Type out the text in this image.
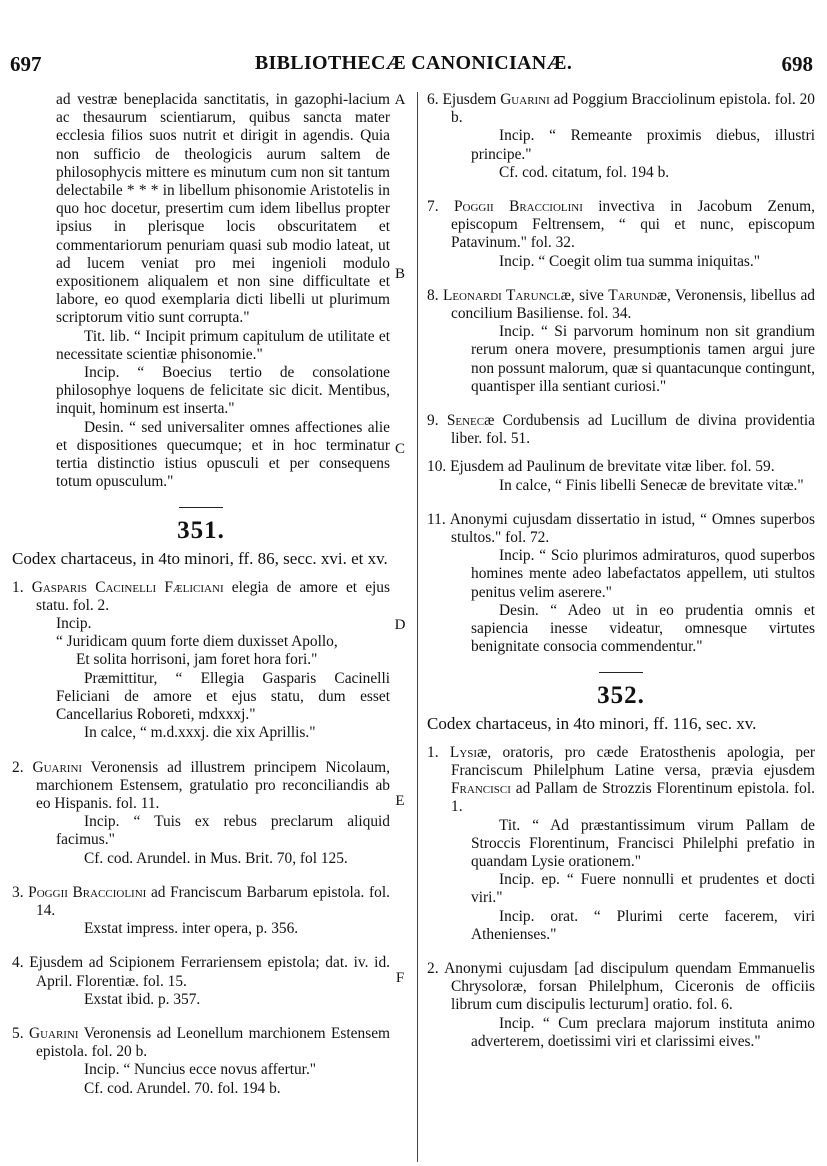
697	BIBLIOTHECÆ CANONICIANÆ.	698
A
B
C
D
E
F

ad vestræ beneplacida sanctitatis, in gazophi-lacium ac thesaurum scientiarum, quibus sancta mater ecclesia filios suos nutrit et dirigit in agendis. Quia non sufficio de theologicis aurum saltem de philosophycis mittere es minutum cum non sit tantum delectabile * * * in libellum phisonomie Aristotelis in quo hoc docetur, presertim cum idem libellus propter ipsius in plerisque locis obscuritatem et commentariorum penuriam quasi sub modio lateat, ut ad lucem veniat pro mei ingenioli modulo expositionem aliqualem et non sine difficultate et labore, eo quod exemplaria dicti libelli ut plurimum scriptorum vitio sunt corrupta."

Tit. lib. “ Incipit primum capitulum de utilitate et necessitate scientiæ phisonomie."

Incip. “ Boecius tertio de consolatione philosophye loquens de felicitate sic dicit. Mentibus, inquit, hominum est inserta."

Desin. “ sed universaliter omnes affectiones alie et dispositiones quecumque; et in hoc terminatur tertia distinctio istius opusculi et per consequens totum opusculum."

351.

Codex chartaceus, in 4to minori, ff. 86, secc. xvi. et xv.

1. Gasparis Cacinelli Fæliciani elegia de amore et ejus statu. fol. 2.

Incip.

“ Juridicam quum forte diem duxisset Apollo,

Et solita horrisoni, jam foret hora fori."

Præmittitur, “ Ellegia Gasparis Cacinelli Feliciani de amore et ejus statu, dum esset Cancellarius Roboreti, mdxxxj."

In calce, “ m.d.xxxj. die xix Aprillis."

2. Guarini Veronensis ad illustrem principem Nicolaum, marchionem Estensem, gratulatio pro reconciliandis ab eo Hispanis. fol. 11.

Incip. “ Tuis ex rebus preclarum aliquid facimus."

Cf. cod. Arundel. in Mus. Brit. 70, fol 125.

3. Poggii Bracciolini ad Franciscum Barbarum epistola. fol. 14.

Exstat impress. inter opera, p. 356.

4. Ejusdem ad Scipionem Ferrariensem epistola; dat. iv. id. April. Florentiæ. fol. 15.

Exstat ibid. p. 357.

5. Guarini Veronensis ad Leonellum marchionem Estensem epistola. fol. 20 b.

Incip. “ Nuncius ecce novus affertur."

Cf. cod. Arundel. 70. fol. 194 b.

6. Ejusdem Guarini ad Poggium Bracciolinum epistola. fol. 20 b.

Incip. “ Remeante proximis diebus, illustri principe."

Cf. cod. citatum, fol. 194 b.

7. Poggii Bracciolini invectiva in Jacobum Zenum, episcopum Feltrensem, “ qui et nunc, episcopum Patavinum." fol. 32.

Incip. “ Coegit olim tua summa iniquitas."

8. Leonardi Tarunclæ, sive Tarundæ, Veronensis, libellus ad concilium Basiliense. fol. 34.

Incip. “ Si parvorum hominum non sit grandium rerum onera movere, presumptionis tamen argui jure non possunt malorum, quæ si quantacunque contingunt, quantisper illa sentiant curiosi."

9. Senecæ Cordubensis ad Lucillum de divina providentia liber. fol. 51.
10. Ejusdem ad Paulinum de brevitate vitæ liber. fol. 59.

In calce, “ Finis libelli Senecæ de brevitate vitæ."

11. Anonymi cujusdam dissertatio in istud, “ Omnes superbos stultos." fol. 72.

Incip. “ Scio plurimos admiraturos, quod superbos homines mente adeo labefactatos appellem, uti stultos penitus velim aserere."

Desin. “ Adeo ut in eo prudentia omnis et sapiencia inesse videatur, omnesque virtutes benignitate consocia commendentur."

352.

Codex chartaceus, in 4to minori, ff. 116, sec. xv.

1. Lysiæ, oratoris, pro cæde Eratosthenis apologia, per Franciscum Philelphum Latine versa, prævia ejusdem Francisci ad Pallam de Strozzis Florentinum epistola. fol. 1.

Tit. “ Ad præstantissimum virum Pallam de Stroccis Florentinum, Francisci Philelphi prefatio in quandam Lysie orationem."

Incip. ep. “ Fuere nonnulli et prudentes et docti viri."

Incip. orat. “ Plurimi certe facerem, viri Athenienses."

2. Anonymi cujusdam [ad discipulum quendam Emmanuelis Chrysoloræ, forsan Philelphum, Ciceronis de officiis librum cum discipulis lecturum] oratio. fol. 6.

Incip. “ Cum preclara majorum instituta animo adverterem, doetissimi viri et clarissimi eives."
